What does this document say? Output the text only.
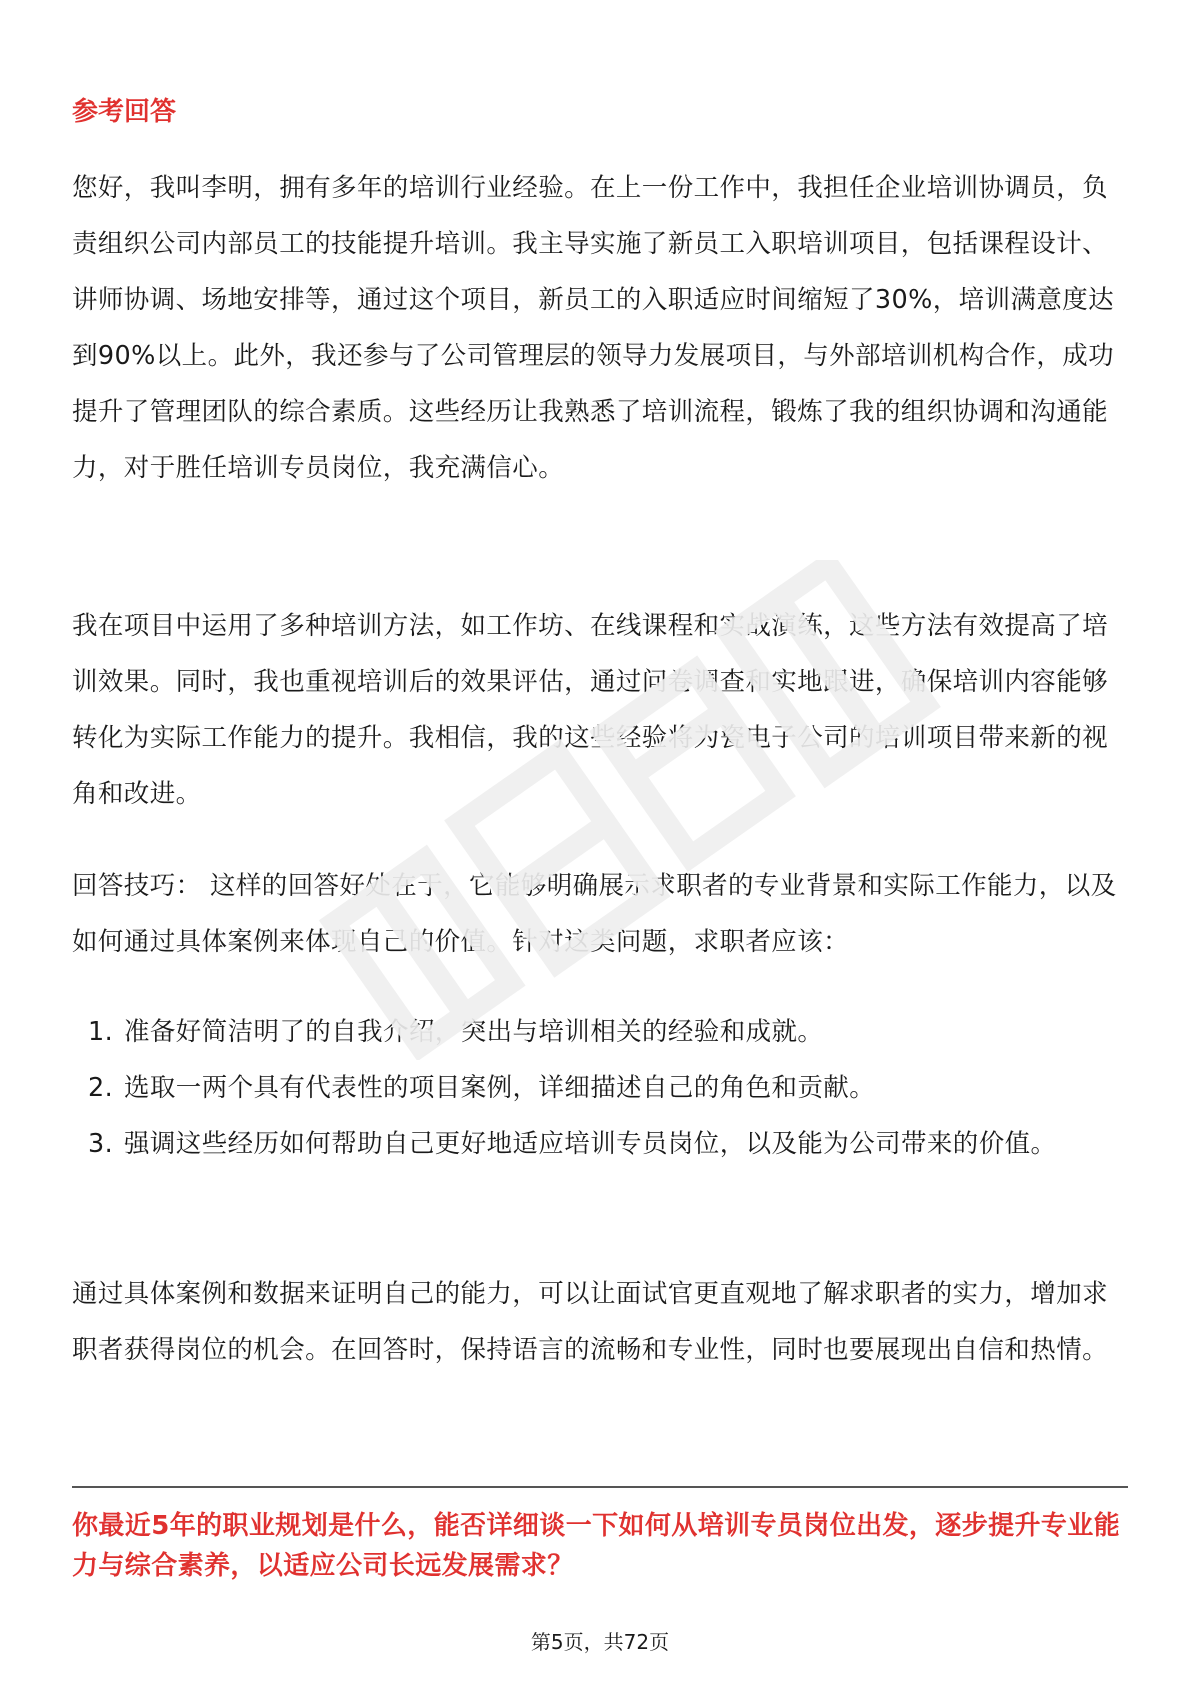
参考回答

您好，我叫李明，拥有多年的培训行业经验。在上一份工作中，我担任企业培训协调员，负责组织公司内部员工的技能提升培训。我主导实施了新员工入职培训项目，包括课程设计、讲师协调、场地安排等，通过这个项目，新员工的入职适应时间缩短了30%，培训满意度达到90%以上。此外，我还参与了公司管理层的领导力发展项目，与外部培训机构合作，成功提升了管理团队的综合素质。这些经历让我熟悉了培训流程，锻炼了我的组织协调和沟通能力，对于胜任培训专员岗位，我充满信心。

我在项目中运用了多种培训方法，如工作坊、在线课程和实战演练，这些方法有效提高了培训效果。同时，我也重视培训后的效果评估，通过问卷调查和实地跟进，确保培训内容能够转化为实际工作能力的提升。我相信，我的这些经验将为瓷电子公司的培训项目带来新的视角和改进。

回答技巧： 这样的回答好处在于，它能够明确展示求职者的专业背景和实际工作能力，以及如何通过具体案例来体现自己的价值。针对这类问题，求职者应该：

1. 准备好简洁明了的自我介绍，突出与培训相关的经验和成就。
2. 选取一两个具有代表性的项目案例，详细描述自己的角色和贡献。
3. 强调这些经历如何帮助自己更好地适应培训专员岗位，以及能为公司带来的价值。

通过具体案例和数据来证明自己的能力，可以让面试官更直观地了解求职者的实力，增加求职者获得岗位的机会。在回答时，保持语言的流畅和专业性，同时也要展现出自信和热情。

你最近5年的职业规划是什么，能否详细谈一下如何从培训专员岗位出发，逐步提升专业能力与综合素养，以适应公司长远发展需求？
第5页，共72页
